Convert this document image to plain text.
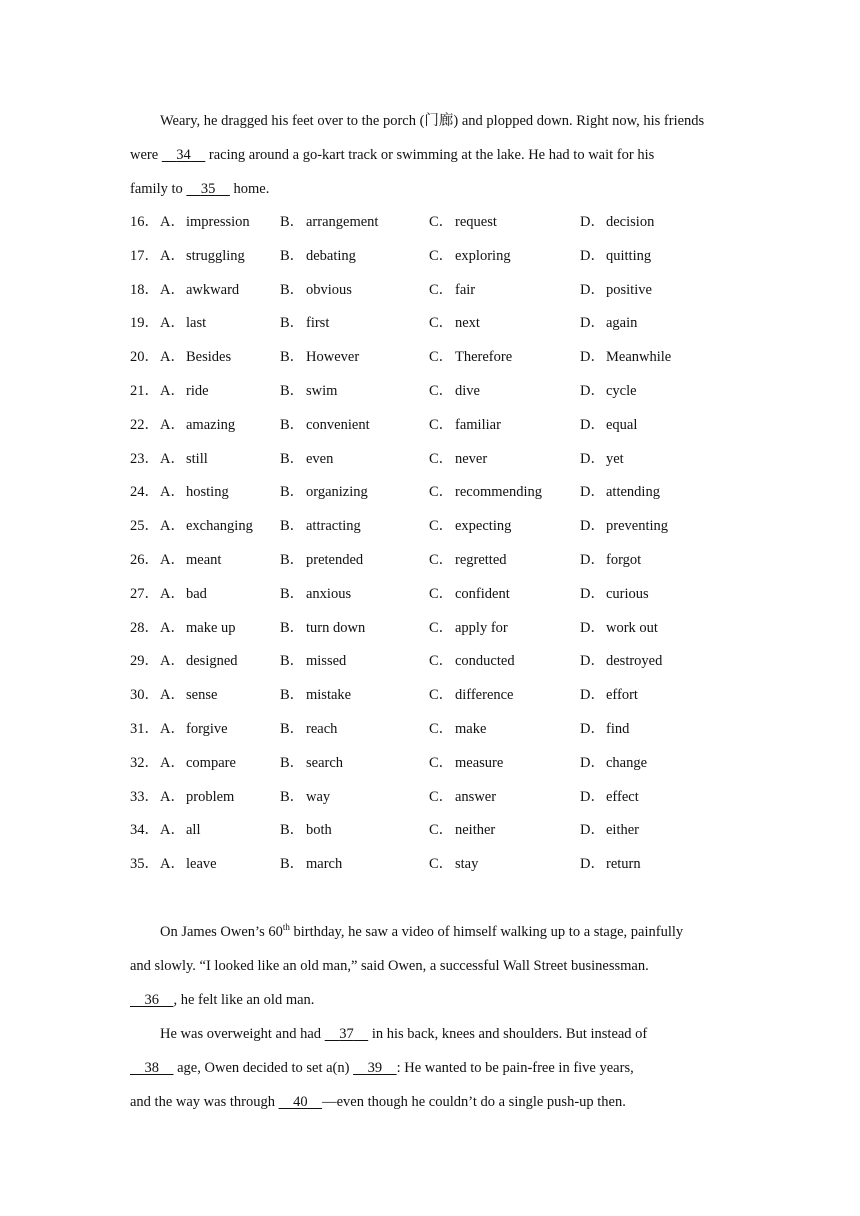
Weary, he dragged his feet over to the porch (门廊) and plopped down. Right now, his friends

were 34 racing around a go-kart track or swimming at the lake. He had to wait for his

family to 35 home.

16． A．impression B． arrangement	C． request	D．decision
17． A．struggling B． debating	C． exploring	D．quitting
18． A．awkward	B． obvious	C． fair	D．positive
19． A．last	B． first	C． next	D．again
20． A．Besides	B． However	C． Therefore	D．Meanwhile
21． A．ride	B． swim	C． dive	D．cycle
22． A．amazing	B． convenient	C． familiar	D．equal
23． A．still	B． even	C． never	D．yet
24． A．hosting	B． organizing	C． recommending	D．attending
25． A．exchanging B． attracting	C． expecting	D．preventing
26． A．meant	B． pretended	C． regretted	D．forgot
27． A．bad	B． anxious	C． confident	D．curious
28． A．make up	B． turn down	C． apply for	D．work out
29． A．designed	B． missed	C． conducted	D．destroyed
30． A．sense	B． mistake	C． difference	D．effort
31． A．forgive	B． reach	C． make	D．find
32． A．compare	B． search	C． measure	D．change
33． A．problem	B． way	C． answer	D．effect
34． A．all	B． both	C． neither	D．either
35． A．leave	B． march	C． stay	D．return

On James Owen’s 60th birthday, he saw a video of himself walking up to a stage, painfully

and slowly. “I looked like an old man,” said Owen, a successful Wall Street businessman.

36 , he felt like an old man.

He was overweight and had 37 in his back, knees and shoulders. But instead of

38 age, Owen decided to set a(n) 39 : He wanted to be pain-free in five years,

and the way was through 40 —even though he couldn’t do a single push-up then.
